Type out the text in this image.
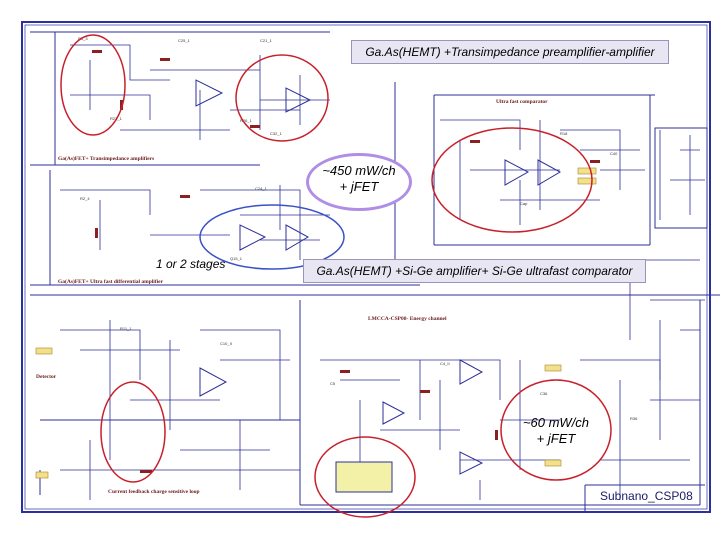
R1_3	C25_1	C21_1
R23_1	R26_1
C32_1
R2_4
C24_1
Q15_1
R18
C40
Cap
R11_1
C10_II
C5
C4_II
C36
R36
Ga(As)FET+ Transimpedance amplifiers
Ga(As)FET+ Ultra fast differential amplifier
Ultra fast comparator
LMCCA-CSP08- Energy channel
Current feedback charge sensitive loop
Detector
Subnano_CSP08
Ga.As(HEMT) +Transimpedance preamplifier-amplifier
~450 mW/ch
+ jFET
1 or 2 stages	Ga.As(HEMT) +Si-Ge amplifier+ Si-Ge ultrafast comparator
~60 mW/ch
+ jFET
